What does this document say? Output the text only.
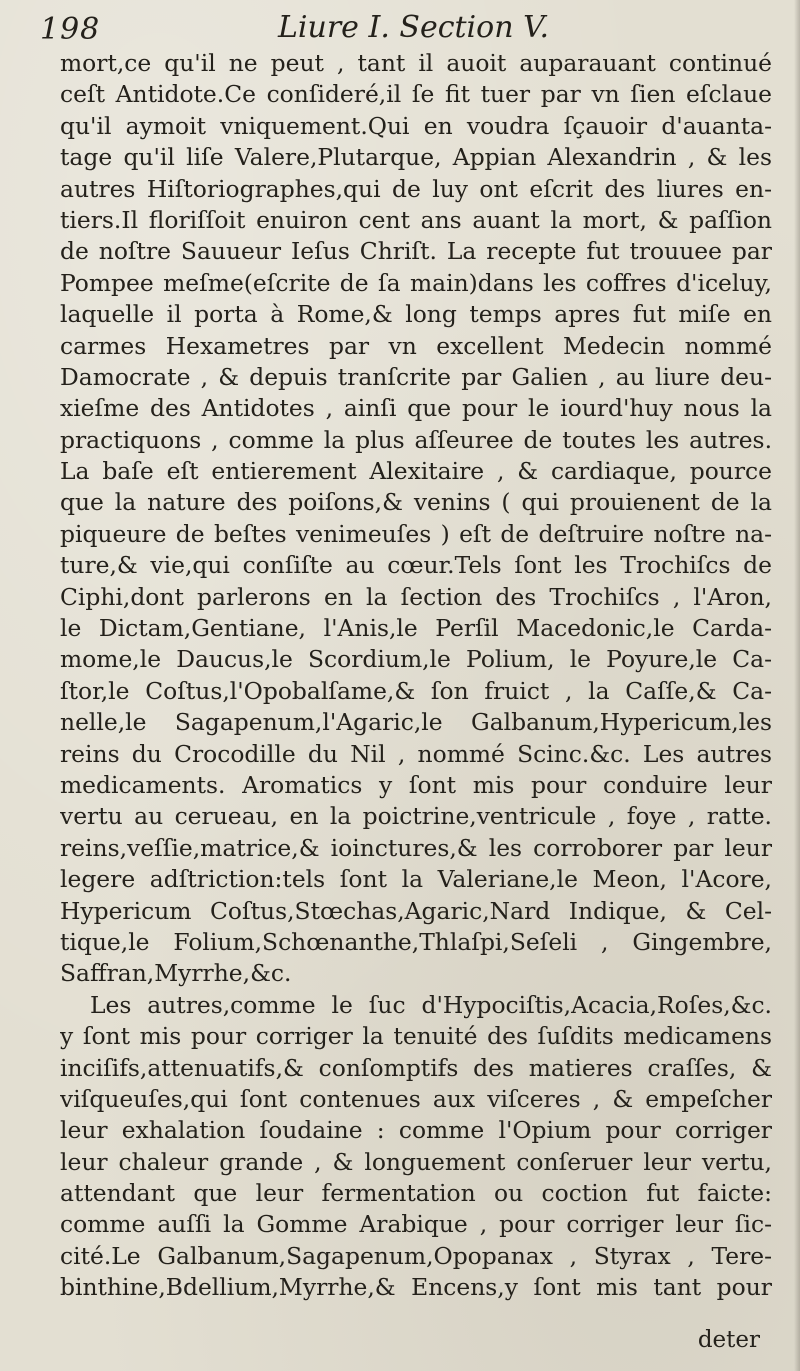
198	Liure I. Section V.
mort,ce qu'il ne peut , tant il auoit auparauant continué
ceſt Antidote.Ce conſideré,il ſe fit tuer par vn ſien eſclaue
qu'il aymoit vniquement.Qui en voudra ſçauoir d'auanta-
tage qu'il liſe Valere,Plutarque, Appian Alexandrin , & les
autres Hiſtoriographes,qui de luy ont eſcrit des liures en-
tiers.Il floriſſoit enuiron cent ans auant la mort, & paſſion
de noſtre Sauueur Ieſus Chriſt. La recepte fut trouuee par
Pompee meſme(eſcrite de ſa main)dans les coffres d'iceluy,
laquelle il porta à Rome,& long temps apres fut miſe en
carmes Hexametres par vn excellent Medecin nommé
Damocrate , & depuis tranſcrite par Galien , au liure deu-
xieſme des Antidotes , ainſi que pour le iourd'huy nous la
practiquons , comme la plus aſſeuree de toutes les autres.
La baſe eſt entierement Alexitaire , & cardiaque, pource
que la nature des poiſons,& venins ( qui prouienent de la
piqueure de beſtes venimeuſes ) eſt de deſtruire noſtre na-
ture,& vie,qui conſiſte au cœur.Tels ſont les Trochiſcs de
Ciphi,dont parlerons en la ſection des Trochiſcs , l'Aron,
le Dictam,Gentiane, l'Anis,le Perſil Macedonic,le Carda-
mome,le Daucus,le Scordium,le Polium, le Poyure,le Ca-
ſtor,le Coſtus,l'Opobalſame,& ſon fruict , la Caſſe,& Ca-
nelle,le Sagapenum,l'Agaric,le Galbanum,Hypericum,les
reins du Crocodille du Nil , nommé Scinc.&c. Les autres
medicaments. Aromatics y ſont mis pour conduire leur
vertu au cerueau, en la poictrine,ventricule , foye , ratte.
reins,veſſie,matrice,& ioinctures,& les corroborer par leur
legere adſtriction:tels ſont la Valeriane,le Meon, l'Acore,
Hypericum Coſtus,Stœchas,Agaric,Nard Indique, & Cel-
tique,le Folium,Schœnanthe,Thlaſpi,Seſeli , Gingembre,
Saffran,Myrrhe,&c.
Les autres,comme le ſuc d'Hypociſtis,Acacia,Roſes,&c.
y ſont mis pour corriger la tenuité des ſuſdits medicamens
inciſifs,attenuatifs,& conſomptifs des matieres craſſes, &
viſqueuſes,qui ſont contenues aux viſceres , & empeſcher
leur exhalation ſoudaine : comme l'Opium pour corriger
leur chaleur grande , & longuement conſeruer leur vertu,
attendant que leur fermentation ou coction fut faicte:
comme auſſi la Gomme Arabique , pour corriger leur ſic-
cité.Le Galbanum,Sagapenum,Opopanax , Styrax , Tere-
binthine,Bdellium,Myrrhe,& Encens,y ſont mis tant pour
deter
